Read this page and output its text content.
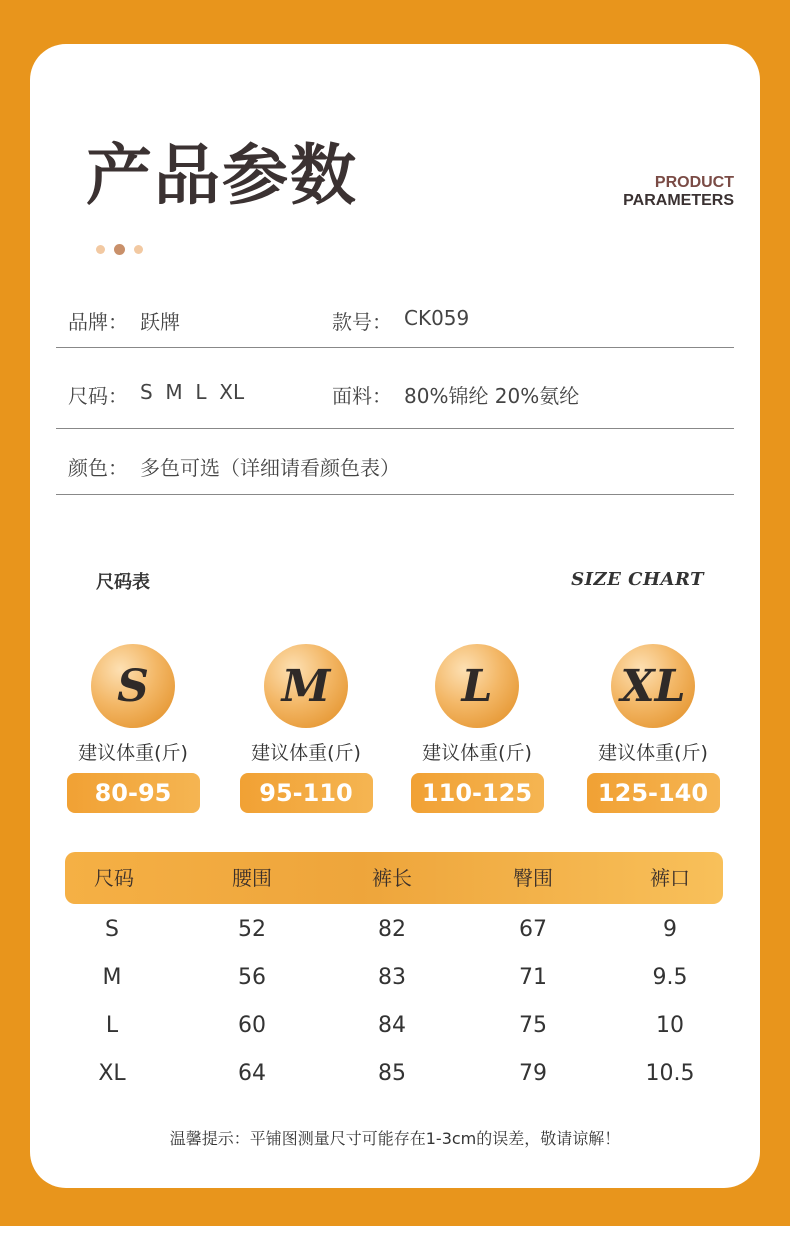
产品参数	PRODUCT
PARAMETERS
品牌： 跃牌	款号： CK059
尺码： S  M  L  XL	面料： 80%锦纶 20%氨纶
颜色： 多色可选（详细请看颜色表）
尺码表	SIZE CHART
S
建议体重(斤)
80-95
M
建议体重(斤)
95-110
L
建议体重(斤)
110-125
XL
建议体重(斤)
125-140
尺码	腰围	裤长	臀围	裤口
S	52	82	67	9
M	56	83	71	9.5
L	60	84	75	10
XL	64	85	79	10.5
温馨提示：平铺图测量尺寸可能存在1-3cm的误差，敬请谅解！
